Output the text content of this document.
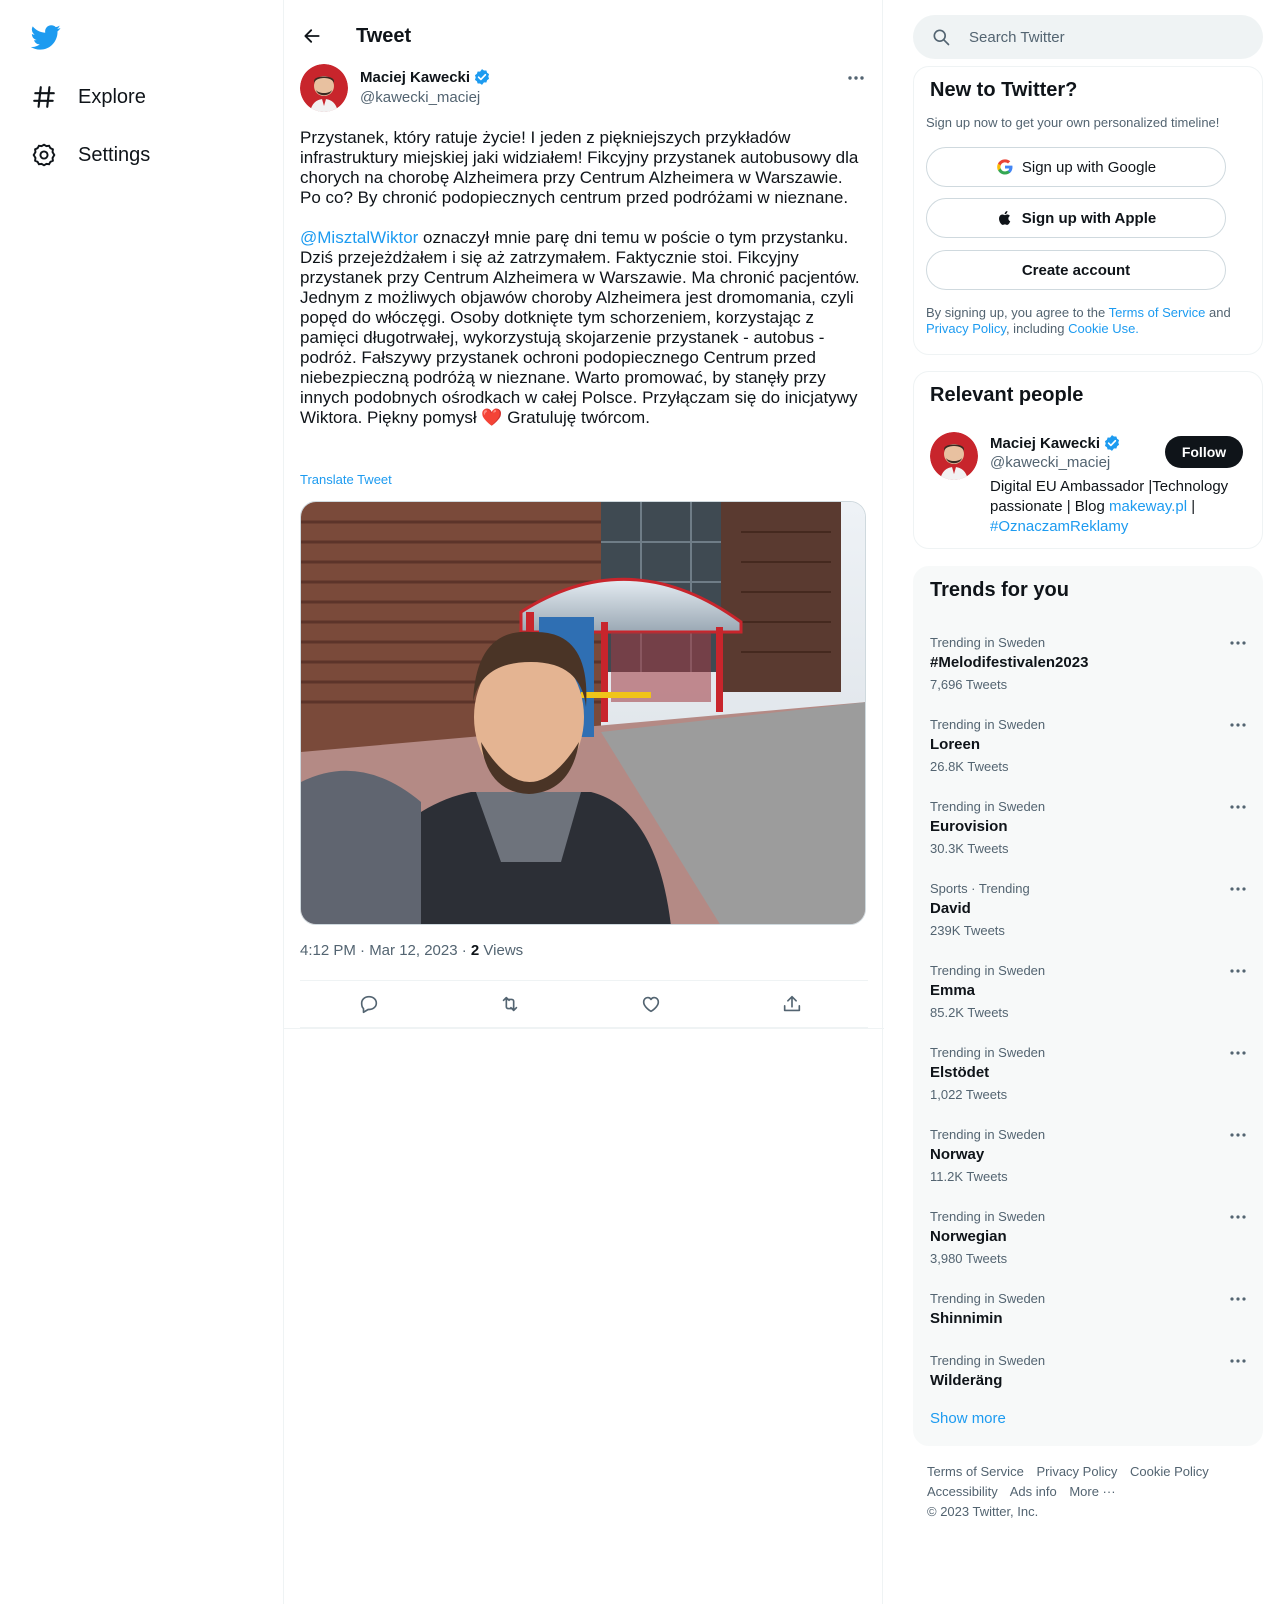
Explore
Settings
Tweet
Maciej Kawecki
@kawecki_maciej

Przystanek, który ratuje życie! I jeden z piękniejszych przykładów infrastruktury miejskiej jaki widziałem! Fikcyjny przystanek autobusowy dla chorych na chorobę Alzheimera przy Centrum Alzheimera w Warszawie. Po co? By chronić podopiecznych centrum przed podróżami w nieznane.

@MisztalWiktor oznaczył mnie parę dni temu w poście o tym przystanku. Dziś przejeżdżałem i się aż zatrzymałem. Faktycznie stoi. Fikcyjny przystanek przy Centrum Alzheimera w Warszawie. Ma chronić pacjentów. Jednym z możliwych objawów choroby Alzheimera jest dromomania, czyli popęd do włóczęgi. Osoby dotknięte tym schorzeniem, korzystając z pamięci długotrwałej, wykorzystują skojarzenie przystanek - autobus - podróż. Fałszywy przystanek ochroni podopiecznego Centrum przed niebezpieczną podróżą w nieznane. Warto promować, by stanęły przy innych podobnych ośrodkach w całej Polsce. Przyłączam się do inicjatywy Wiktora. Piękny pomysł ❤️ Gratuluję twórcom.

Translate Tweet
4:12 PM · Mar 12, 2023 · 2 Views
Search Twitter
New to Twitter?
Sign up now to get your own personalized timeline!
Sign up with Google
Sign up with Apple
Create account
By signing up, you agree to the Terms of Service and Privacy Policy, including Cookie Use.
Relevant people
Maciej Kawecki
@kawecki_maciej
Follow
Digital EU Ambassador |Technology passionate | Blog makeway.pl | #OznaczamReklamy
Trends for you
Trending in Sweden
#Melodifestivalen2023
7,696 Tweets
Trending in Sweden
Loreen
26.8K Tweets
Trending in Sweden
Eurovision
30.3K Tweets
Sports · Trending
David
239K Tweets
Trending in Sweden
Emma
85.2K Tweets
Trending in Sweden
Elstödet
1,022 Tweets
Trending in Sweden
Norway
11.2K Tweets
Trending in Sweden
Norwegian
3,980 Tweets
Trending in Sweden
Shinnimin
Trending in Sweden
Wilderäng
Show more
Terms of Service Privacy Policy Cookie Policy
Accessibility Ads info More ···
© 2023 Twitter, Inc.
